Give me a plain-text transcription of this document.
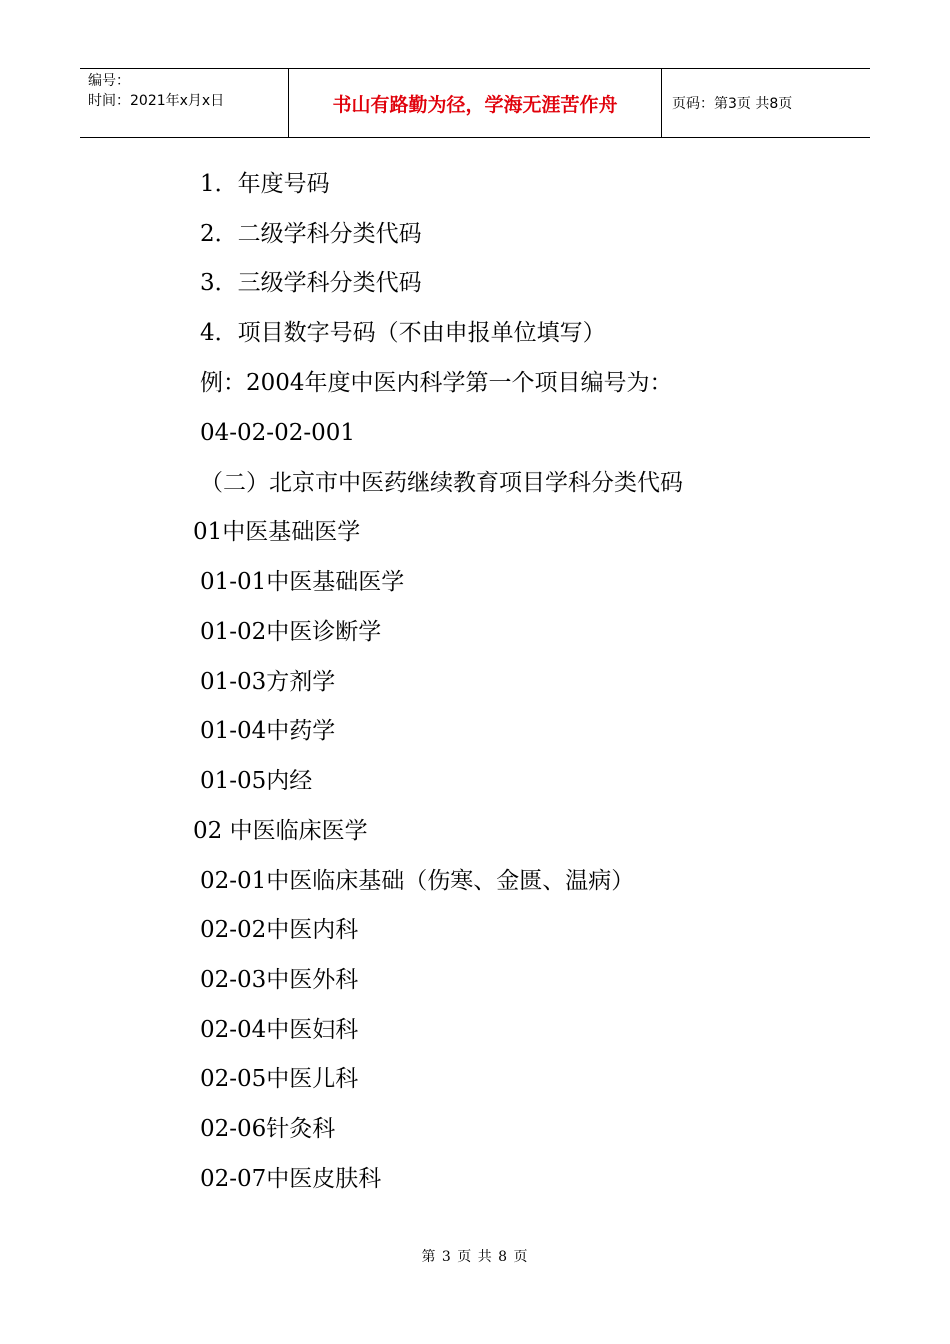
编号：
时间：2021年x月x日	书山有路勤为径，学海无涯苦作舟	页码：第3页 共8页
1．年度号码
2．二级学科分类代码
3．三级学科分类代码
4．项目数字号码（不由申报单位填写）
例：2004年度中医内科学第一个项目编号为：
04-02-02-001
（二）北京市中医药继续教育项目学科分类代码
01中医基础医学
01-01中医基础医学
01-02中医诊断学
01-03方剂学
01-04中药学
01-05内经
02 中医临床医学
02-01中医临床基础（伤寒、金匮、温病）
02-02中医内科
02-03中医外科
02-04中医妇科
02-05中医儿科
02-06针灸科
02-07中医皮肤科
第 3 页 共 8 页
